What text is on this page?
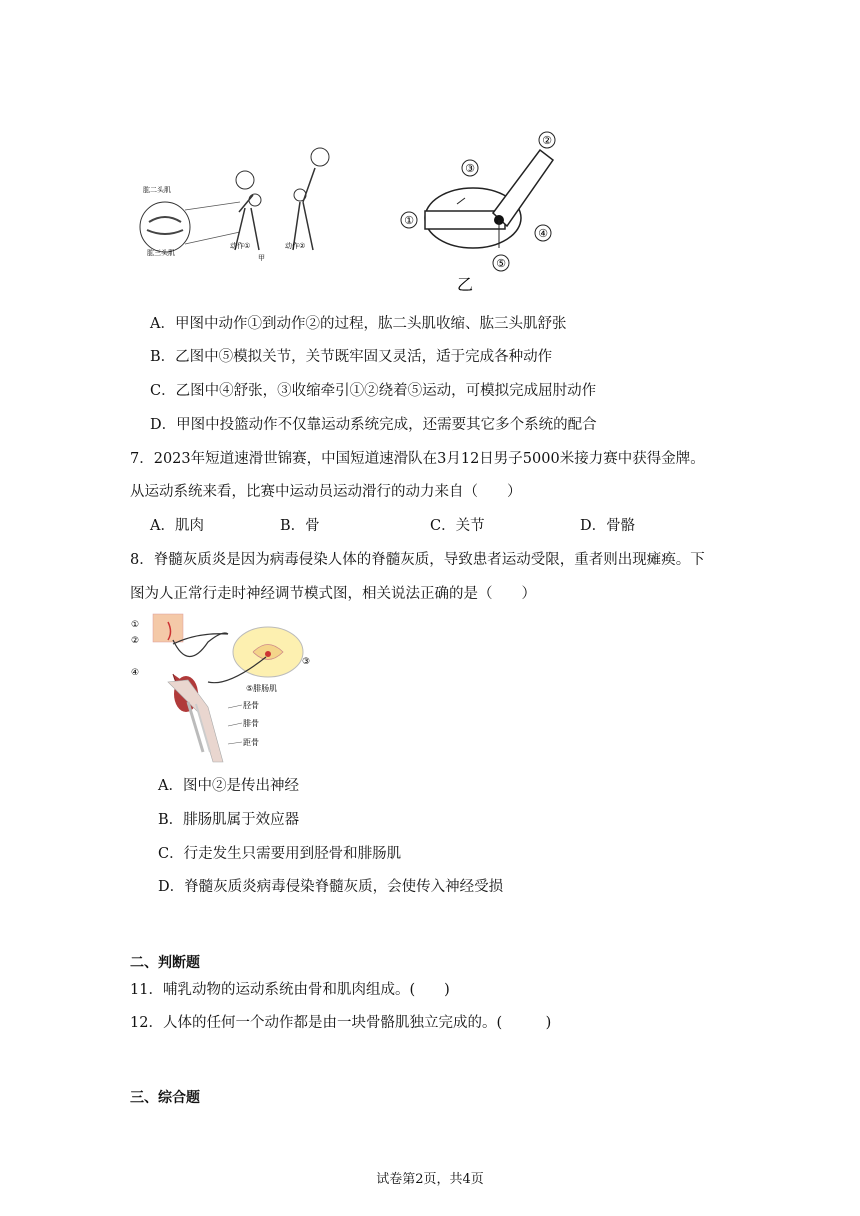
肱二头肌
肱三头肌
动作①	动作②
甲
①
②
③
④
⑤
乙
A．甲图中动作①到动作②的过程，肱二头肌收缩、肱三头肌舒张
B．乙图中⑤模拟关节，关节既牢固又灵活，适于完成各种动作
C．乙图中④舒张，③收缩牵引①②绕着⑤运动，可模拟完成屈肘动作
D．甲图中投篮动作不仅靠运动系统完成，还需要其它多个系统的配合
7．2023年短道速滑世锦赛，中国短道速滑队在3月12日男子5000米接力赛中获得金牌。
从运动系统来看，比赛中运动员运动滑行的动力来自（　　）
A．肌肉	B．骨	C．关节	D．骨骼
8．脊髓灰质炎是因为病毒侵染人体的脊髓灰质，导致患者运动受限，重者则出现瘫痪。下
图为人正常行走时神经调节模式图，相关说法正确的是（　　）
①
②
③
④
⑤腓肠肌
胫骨
腓骨
距骨
A．图中②是传出神经
B．腓肠肌属于效应器
C．行走发生只需要用到胫骨和腓肠肌
D．脊髓灰质炎病毒侵染脊髓灰质，会使传入神经受损
二、判断题
11．哺乳动物的运动系统由骨和肌肉组成。(　　)
12．人体的任何一个动作都是由一块骨骼肌独立完成的。(　　　)
三、综合题
试卷第2页，共4页
